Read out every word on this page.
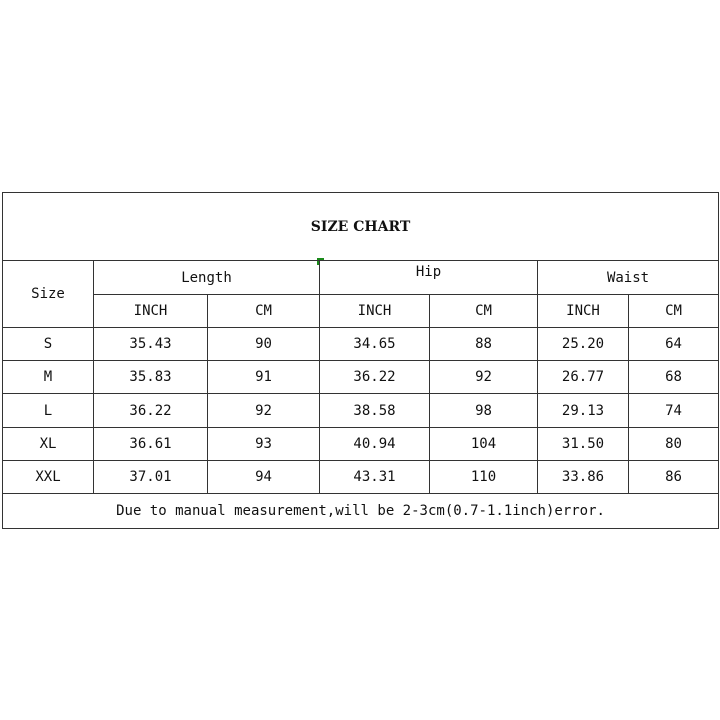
SIZE CHART						
Size	Length		Hip		Waist	
	INCH	CM	INCH	CM	INCH	CM
S	35.43	90	34.65	88	25.20	64
M	35.83	91	36.22	92	26.77	68
L	36.22	92	38.58	98	29.13	74
XL	36.61	93	40.94	104	31.50	80
XXL	37.01	94	43.31	110	33.86	86
Due to manual measurement,will be 2-3cm(0.7-1.1inch)error.						
